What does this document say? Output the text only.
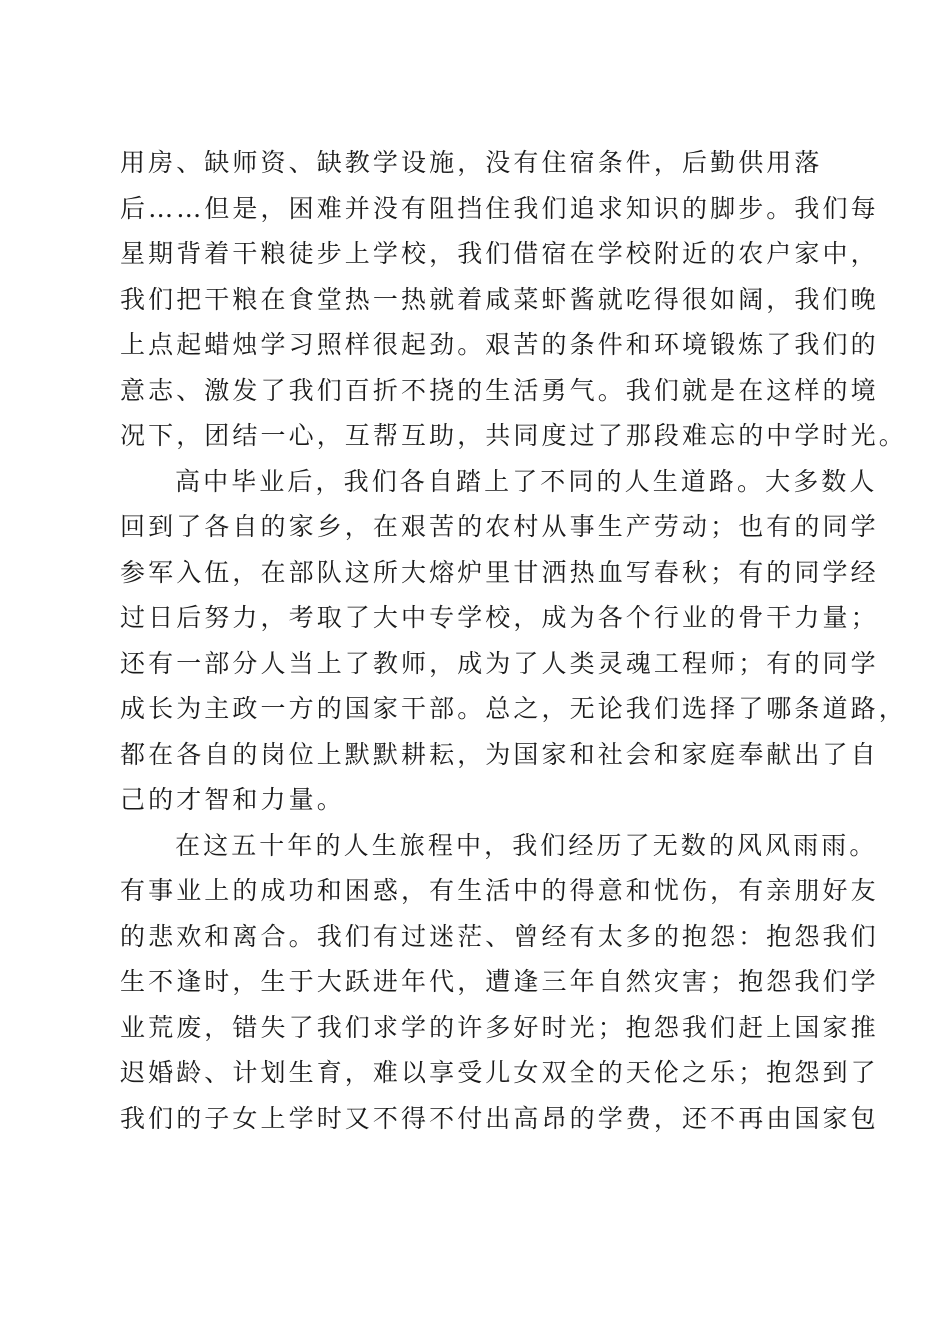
用房、缺师资、缺教学设施，没有住宿条件，后勤供用落
后……但是，困难并没有阻挡住我们追求知识的脚步。我们每
星期背着干粮徒步上学校，我们借宿在学校附近的农户家中，
我们把干粮在食堂热一热就着咸菜虾酱就吃得很如阔，我们晚
上点起蜡烛学习照样很起劲。艰苦的条件和环境锻炼了我们的
意志、激发了我们百折不挠的生活勇气。我们就是在这样的境
况下，团结一心，互帮互助，共同度过了那段难忘的中学时光。
高中毕业后，我们各自踏上了不同的人生道路。大多数人
回到了各自的家乡，在艰苦的农村从事生产劳动；也有的同学
参军入伍，在部队这所大熔炉里甘洒热血写春秋；有的同学经
过日后努力，考取了大中专学校，成为各个行业的骨干力量；
还有一部分人当上了教师，成为了人类灵魂工程师；有的同学
成长为主政一方的国家干部。总之，无论我们选择了哪条道路，
都在各自的岗位上默默耕耘，为国家和社会和家庭奉献出了自
己的才智和力量。
在这五十年的人生旅程中，我们经历了无数的风风雨雨。
有事业上的成功和困惑，有生活中的得意和忧伤，有亲朋好友
的悲欢和离合。我们有过迷茫、曾经有太多的抱怨：抱怨我们
生不逢时，生于大跃进年代，遭逢三年自然灾害；抱怨我们学
业荒废，错失了我们求学的许多好时光；抱怨我们赶上国家推
迟婚龄、计划生育，难以享受儿女双全的天伦之乐；抱怨到了
我们的子女上学时又不得不付出高昂的学费，还不再由国家包
